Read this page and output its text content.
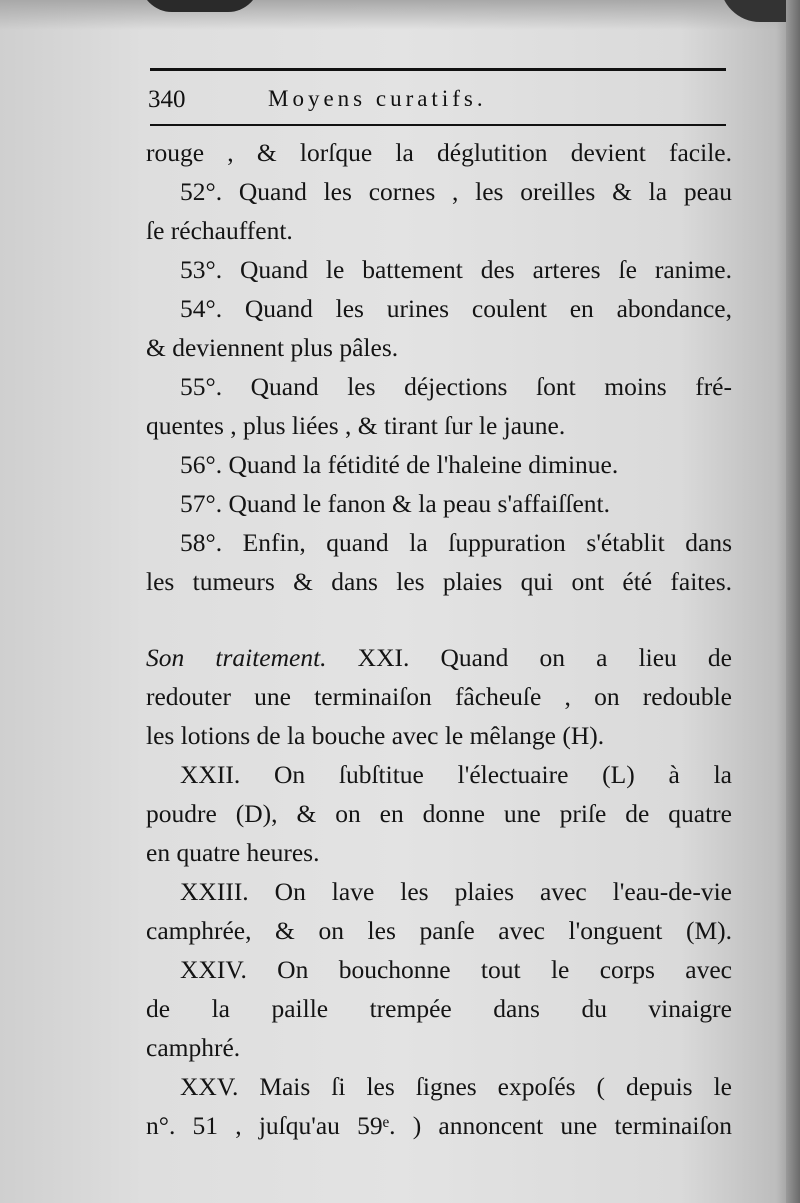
340	Moyens curatifs.
rouge , & lorſque la déglutition devient facile.
52°. Quand les cornes , les oreilles & la peau
ſe réchauffent.
53°. Quand le battement des arteres ſe ranime.
54°. Quand les urines coulent en abondance,
& deviennent plus pâles.
55°. Quand les déjections ſont moins fré-
quentes , plus liées , & tirant ſur le jaune.
56°. Quand la fétidité de l'haleine diminue.
57°. Quand le fanon & la peau s'affaiſſent.
58°. Enfin, quand la ſuppuration s'établit dans
les tumeurs & dans les plaies qui ont été faites.
Son traitement. XXI. Quand on a lieu de
redouter une terminaiſon fâcheuſe , on redouble
les lotions de la bouche avec le mêlange (H).
XXII. On ſubſtitue l'électuaire (L) à la
poudre (D), & on en donne une priſe de quatre
en quatre heures.
XXIII. On lave les plaies avec l'eau-de-vie
camphrée, & on les panſe avec l'onguent (M).
XXIV. On bouchonne tout le corps avec
de la paille trempée dans du vinaigre
camphré.
XXV. Mais ſi les ſignes expoſés ( depuis le
n°. 51 , juſqu'au 59ᵉ. ) annoncent une terminaiſon
